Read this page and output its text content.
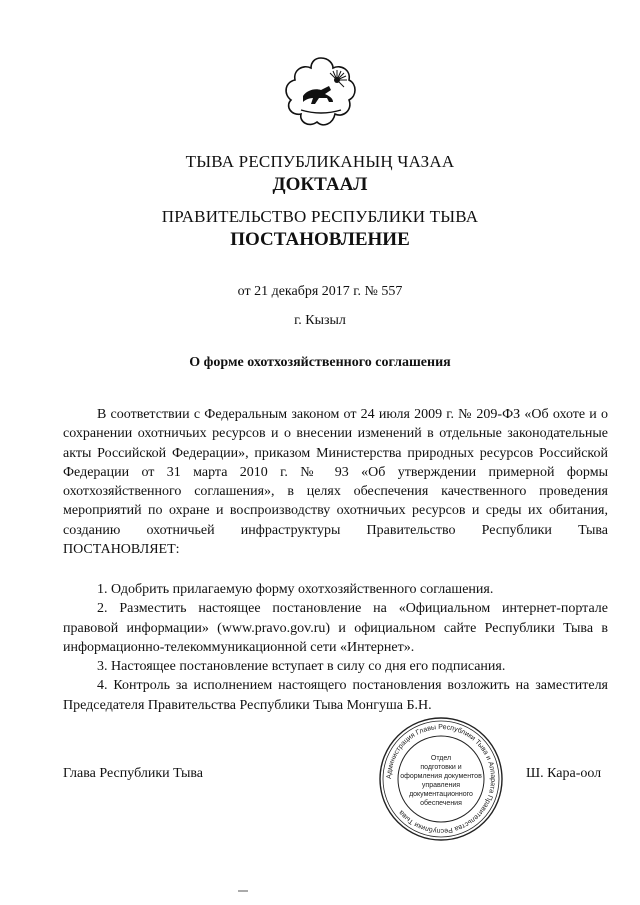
ТЫВА РЕСПУБЛИКАНЫҢ ЧАЗАА
ДОКТААЛ
ПРАВИТЕЛЬСТВО РЕСПУБЛИКИ ТЫВА
ПОСТАНОВЛЕНИЕ
от 21 декабря 2017 г. № 557
г. Кызыл
О форме охотхозяйственного соглашения

В соответствии с Федеральным законом от 24 июля 2009 г. № 209-ФЗ «Об охоте и о сохранении охотничьих ресурсов и о внесении изменений в отдельные законодательные акты Российской Федерации», приказом Министерства природных ресурсов Российской Федерации от 31 марта 2010 г. № 93 «Об утверждении примерной формы охотхозяйственного соглашения», в целях обеспечения качественного проведения мероприятий по охране и воспроизводству охотничьих ресурсов и среды их обитания, созданию охотничьей инфраструктуры Правительство Республики Тыва ПОСТАНОВЛЯЕТ:

1. Одобрить прилагаемую форму охотхозяйственного соглашения.

2. Разместить настоящее постановление на «Официальном интернет-портале правовой информации» (www.pravo.gov.ru) и официальном сайте Республики Тыва в информационно-телекоммуникационной сети «Интернет».

3. Настоящее постановление вступает в силу со дня его подписания.

4. Контроль за исполнением настоящего постановления возложить на заместителя Председателя Правительства Республики Тыва Монгуша Б.Н.

Глава Республики Тыва	Ш. Кара-оол
Администрация Главы Республики Тыва и Аппарата Правительства Республики Тыва
Отдел
подготовки и
оформления документов
управления
документационного
обеспечения
